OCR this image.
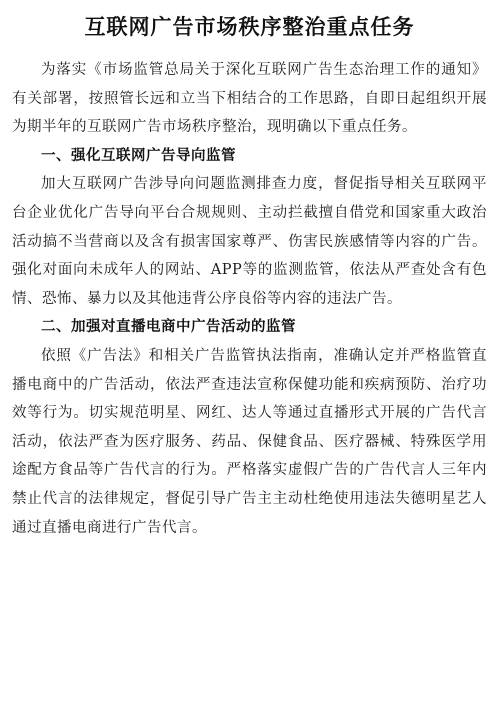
互联网广告市场秩序整治重点任务

为落实《市场监管总局关于深化互联网广告生态治理工作的通知》有关部署，按照管长远和立当下相结合的工作思路，自即日起组织开展为期半年的互联网广告市场秩序整治，现明确以下重点任务。

一、强化互联网广告导向监管

加大互联网广告涉导向问题监测排查力度，督促指导相关互联网平台企业优化广告导向平台合规规则、主动拦截擅自借党和国家重大政治活动搞不当营商以及含有损害国家尊严、伤害民族感情等内容的广告。强化对面向未成年人的网站、APP等的监测监管，依法从严查处含有色情、恐怖、暴力以及其他违背公序良俗等内容的违法广告。

二、加强对直播电商中广告活动的监管

依照《广告法》和相关广告监管执法指南，准确认定并严格监管直播电商中的广告活动，依法严查违法宣称保健功能和疾病预防、治疗功效等行为。切实规范明星、网红、达人等通过直播形式开展的广告代言活动，依法严查为医疗服务、药品、保健食品、医疗器械、特殊医学用途配方食品等广告代言的行为。严格落实虚假广告的广告代言人三年内禁止代言的法律规定，督促引导广告主主动杜绝使用违法失德明星艺人通过直播电商进行广告代言。
